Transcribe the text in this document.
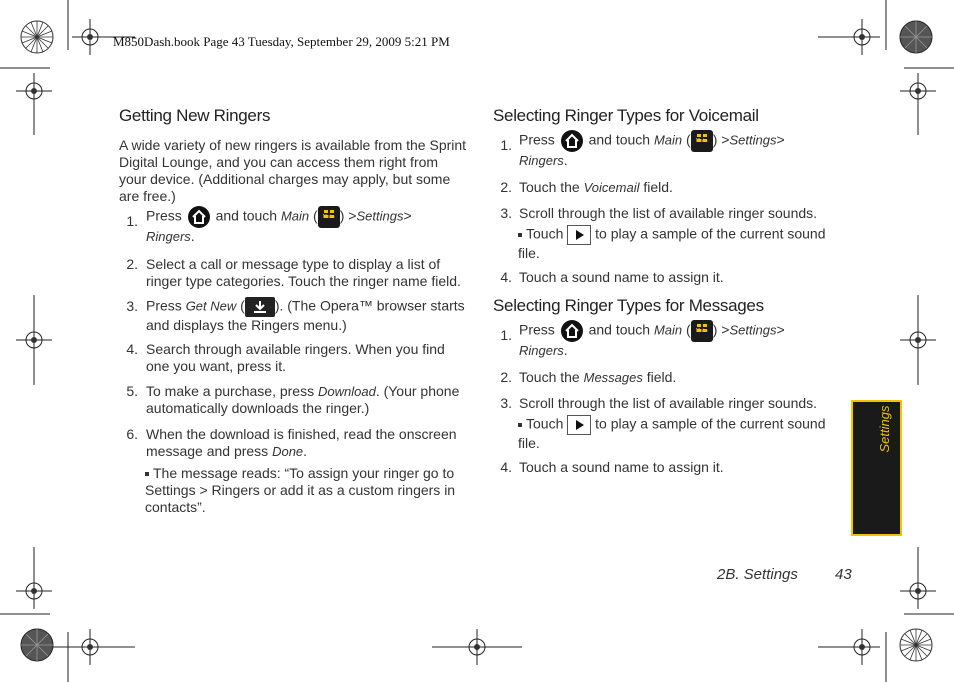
M850Dash.book Page 43 Tuesday, September 29, 2009 5:21 PM
Getting New Ringers
A wide variety of new ringers is available from the Sprint Digital Lounge, and you can access them right from your device. (Additional charges may apply, but some are free.)
1. Press and touch Main (	Main ) >Settings>
Ringers.
2. Select a call or message type to display a list of ringer type categories. Touch the ringer name field.
3. Press Get New ( ). (The Opera™ browser starts and displays the Ringers menu.)
4. Search through available ringers. When you find one you want, press it.
5. To make a purchase, press Download. (Your phone automatically downloads the ringer.)
6. When the download is finished, read the onscreen message and press Done.
The message reads: “To assign your ringer go to Settings > Ringers or add it as a custom ringers in contacts”.
Selecting Ringer Types for Voicemail
1. Press and touch Main (	Main ) >Settings>
Ringers.
2. Touch the Voicemail field.
3. Scroll through the list of available ringer sounds.
Touch to play a sample of the current sound file.
4. Touch a sound name to assign it.
Selecting Ringer Types for Messages
1. Press and touch Main (	Main ) >Settings>
Ringers.
2. Touch the Messages field.
3. Scroll through the list of available ringer sounds.
Touch to play a sample of the current sound file.
4. Touch a sound name to assign it.
Settings
2B. Settings 43
